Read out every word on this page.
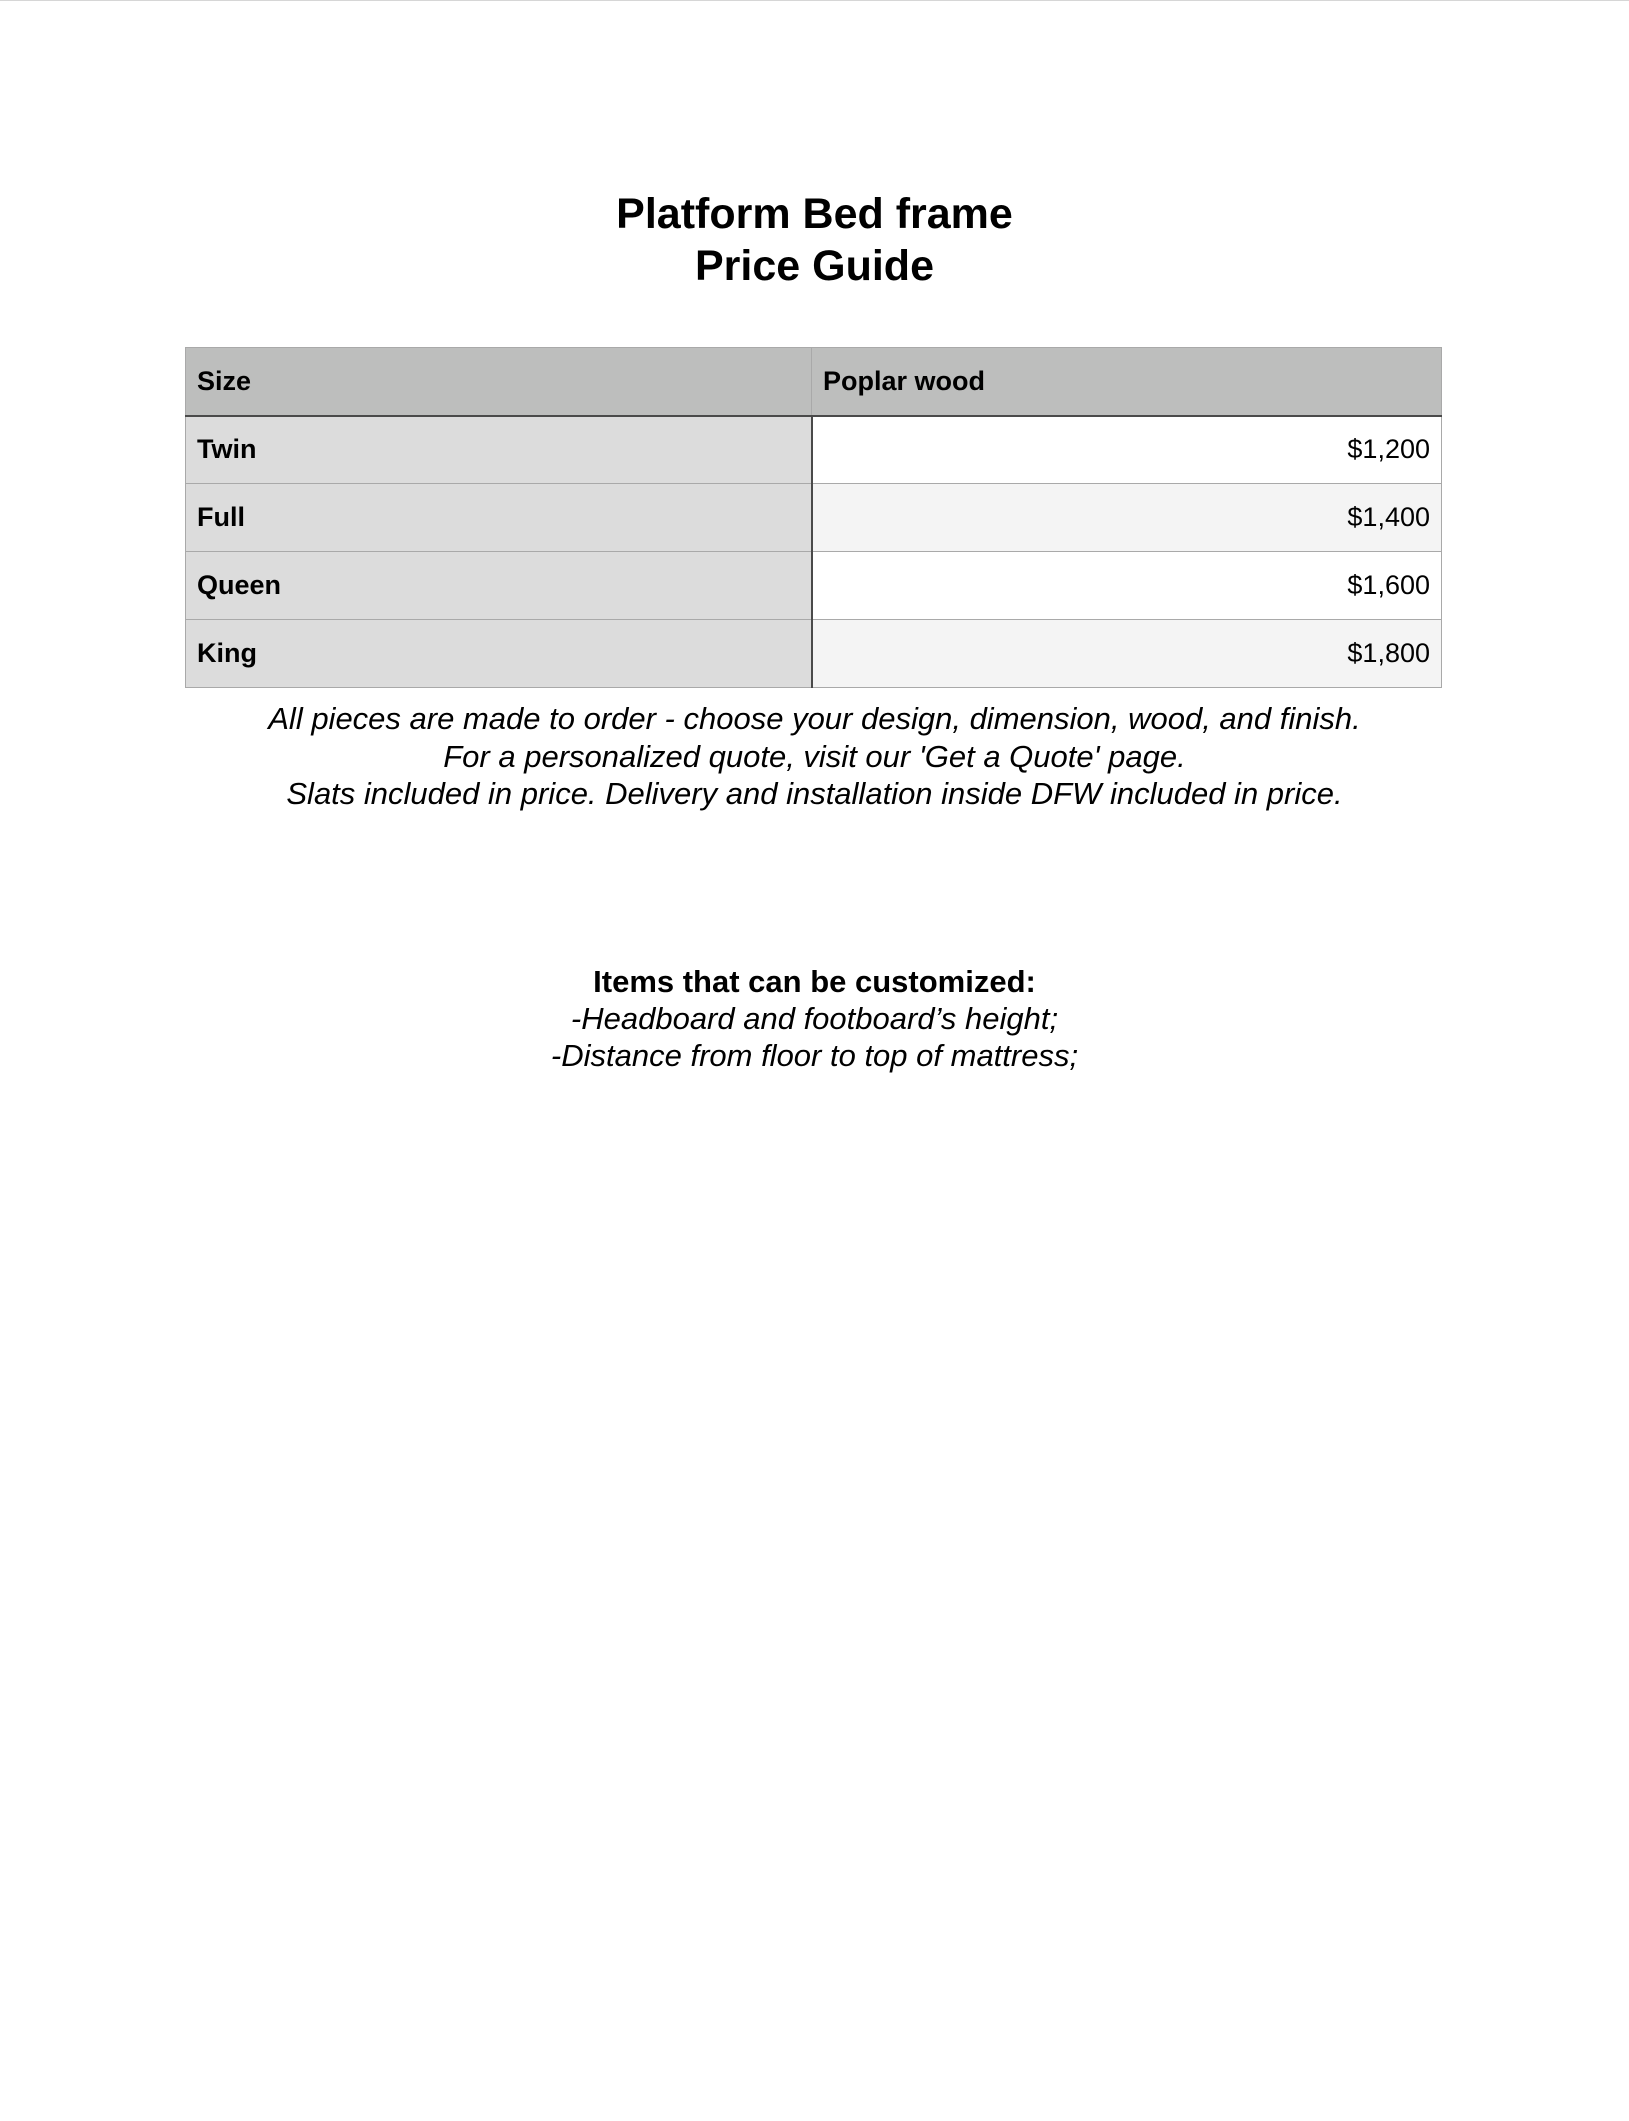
Platform Bed frame
Price Guide
Size	Poplar wood
Twin	$1,200
Full	$1,400
Queen	$1,600
King	$1,800
All pieces are made to order - choose your design, dimension, wood, and finish.
For a personalized quote, visit our 'Get a Quote' page.
Slats included in price. Delivery and installation inside DFW included in price.
Items that can be customized:
-Headboard and footboard’s height;
-Distance from floor to top of mattress;
